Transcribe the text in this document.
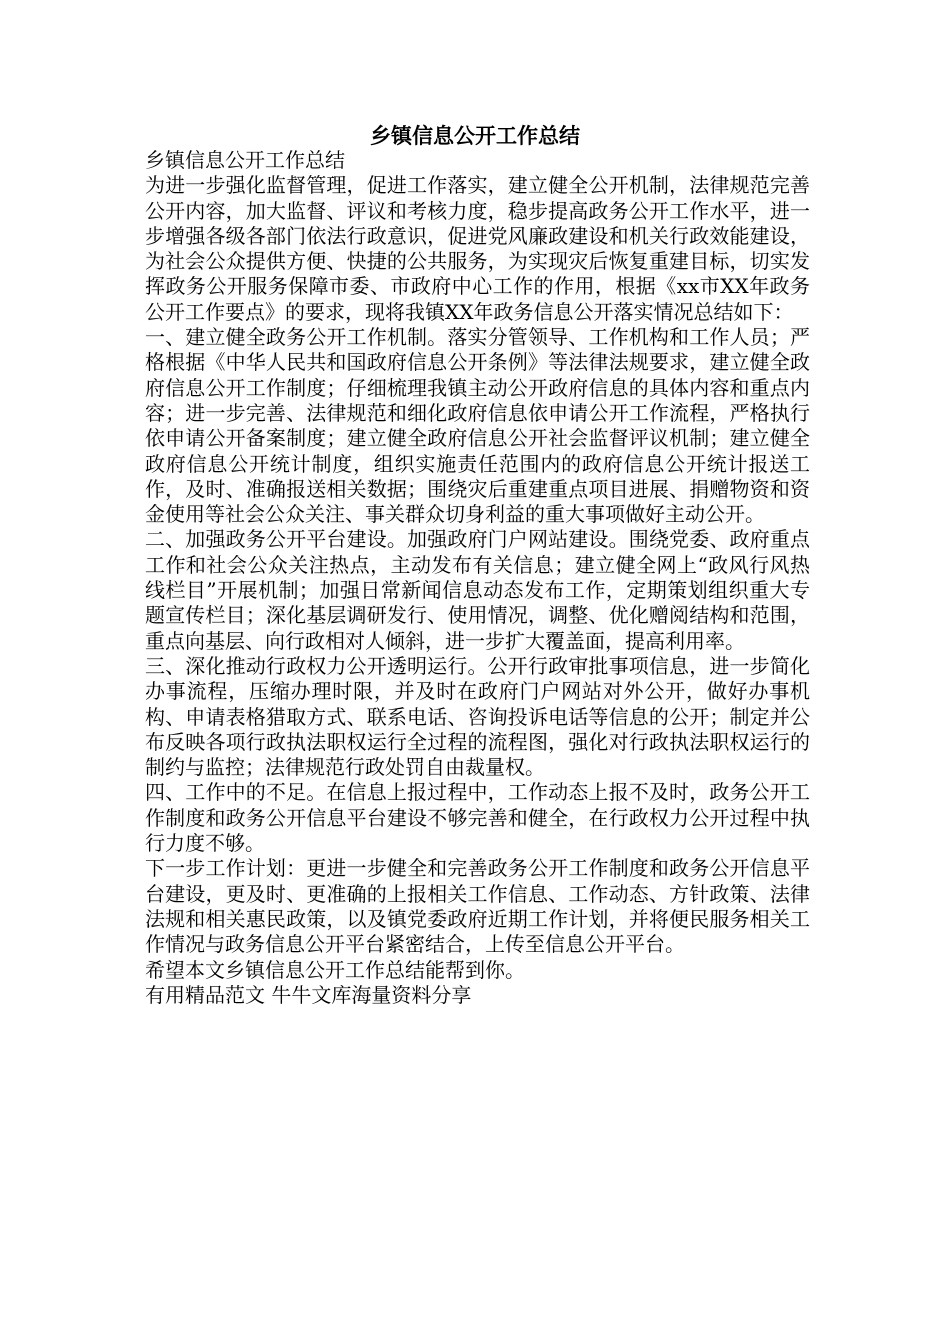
乡镇信息公开工作总结

乡镇信息公开工作总结

为进一步强化监督管理，促进工作落实，建立健全公开机制，法律规范完善公开内容，加大监督、评议和考核力度，稳步提高政务公开工作水平，进一步增强各级各部门依法行政意识，促进党风廉政建设和机关行政效能建设，为社会公众提供方便、快捷的公共服务，为实现灾后恢复重建目标，切实发挥政务公开服务保障市委、市政府中心工作的作用，根据《xx市XX年政务公开工作要点》的要求，现将我镇XX年政务信息公开落实情况总结如下：

一、建立健全政务公开工作机制。落实分管领导、工作机构和工作人员；严格根据《中华人民共和国政府信息公开条例》等法律法规要求，建立健全政府信息公开工作制度；仔细梳理我镇主动公开政府信息的具体内容和重点内容；进一步完善、法律规范和细化政府信息依申请公开工作流程，严格执行依申请公开备案制度；建立健全政府信息公开社会监督评议机制；建立健全政府信息公开统计制度，组织实施责任范围内的政府信息公开统计报送工作，及时、准确报送相关数据；围绕灾后重建重点项目进展、捐赠物资和资金使用等社会公众关注、事关群众切身利益的重大事项做好主动公开。

二、加强政务公开平台建设。加强政府门户网站建设。围绕党委、政府重点工作和社会公众关注热点，主动发布有关信息；建立健全网上“政风行风热线栏目”开展机制；加强日常新闻信息动态发布工作，定期策划组织重大专题宣传栏目；深化基层调研发行、使用情况，调整、优化赠阅结构和范围，重点向基层、向行政相对人倾斜，进一步扩大覆盖面，提高利用率。

三、深化推动行政权力公开透明运行。公开行政审批事项信息，进一步简化办事流程，压缩办理时限，并及时在政府门户网站对外公开，做好办事机构、申请表格猎取方式、联系电话、咨询投诉电话等信息的公开；制定并公布反映各项行政执法职权运行全过程的流程图，强化对行政执法职权运行的制约与监控；法律规范行政处罚自由裁量权。

四、工作中的不足。在信息上报过程中，工作动态上报不及时，政务公开工作制度和政务公开信息平台建设不够完善和健全，在行政权力公开过程中执行力度不够。

下一步工作计划：更进一步健全和完善政务公开工作制度和政务公开信息平台建设，更及时、更准确的上报相关工作信息、工作动态、方针政策、法律法规和相关惠民政策，以及镇党委政府近期工作计划，并将便民服务相关工作情况与政务信息公开平台紧密结合，上传至信息公开平台。

希望本文乡镇信息公开工作总结能帮到你。

有用精品范文 牛牛文库海量资料分享
